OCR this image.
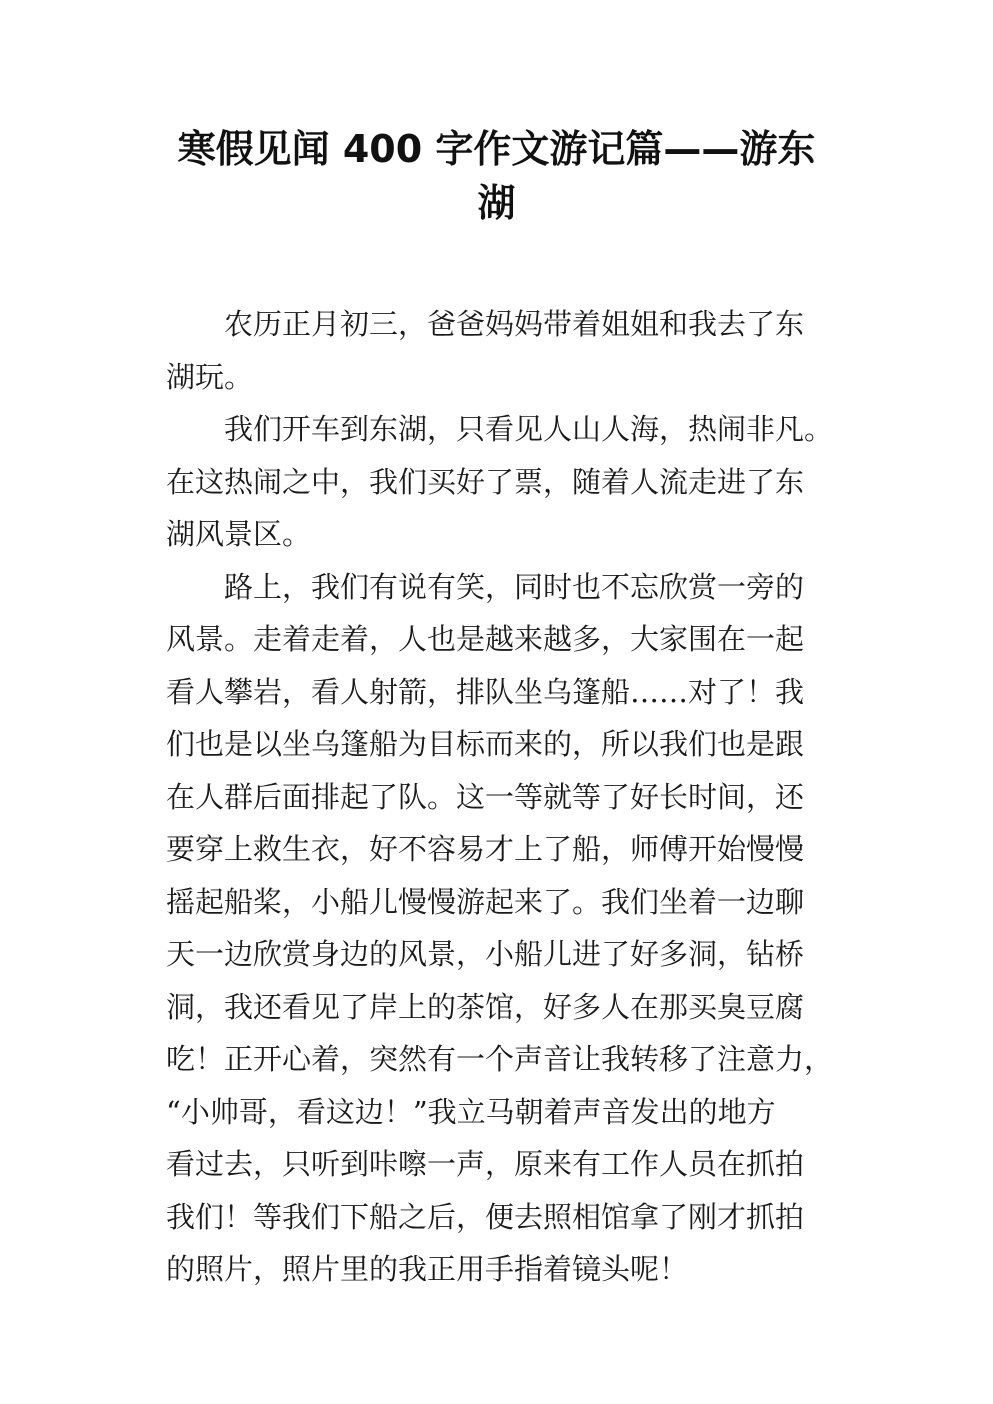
寒假见闻 400 字作文游记篇——游东
湖

农历正月初三，爸爸妈妈带着姐姐和我去了东
湖玩。

我们开车到东湖，只看见人山人海，热闹非凡。
在这热闹之中，我们买好了票，随着人流走进了东
湖风景区。

路上，我们有说有笑，同时也不忘欣赏一旁的
风景。走着走着，人也是越来越多，大家围在一起
看人攀岩，看人射箭，排队坐乌篷船……对了！我
们也是以坐乌篷船为目标而来的，所以我们也是跟
在人群后面排起了队。这一等就等了好长时间，还
要穿上救生衣，好不容易才上了船，师傅开始慢慢
摇起船桨，小船儿慢慢游起来了。我们坐着一边聊
天一边欣赏身边的风景，小船儿进了好多洞，钻桥
洞，我还看见了岸上的茶馆，好多人在那买臭豆腐
吃！正开心着，突然有一个声音让我转移了注意力，
“小帅哥，看这边！”我立马朝着声音发出的地方
看过去，只听到咔嚓一声，原来有工作人员在抓拍
我们！等我们下船之后，便去照相馆拿了刚才抓拍
的照片，照片里的我正用手指着镜头呢！
